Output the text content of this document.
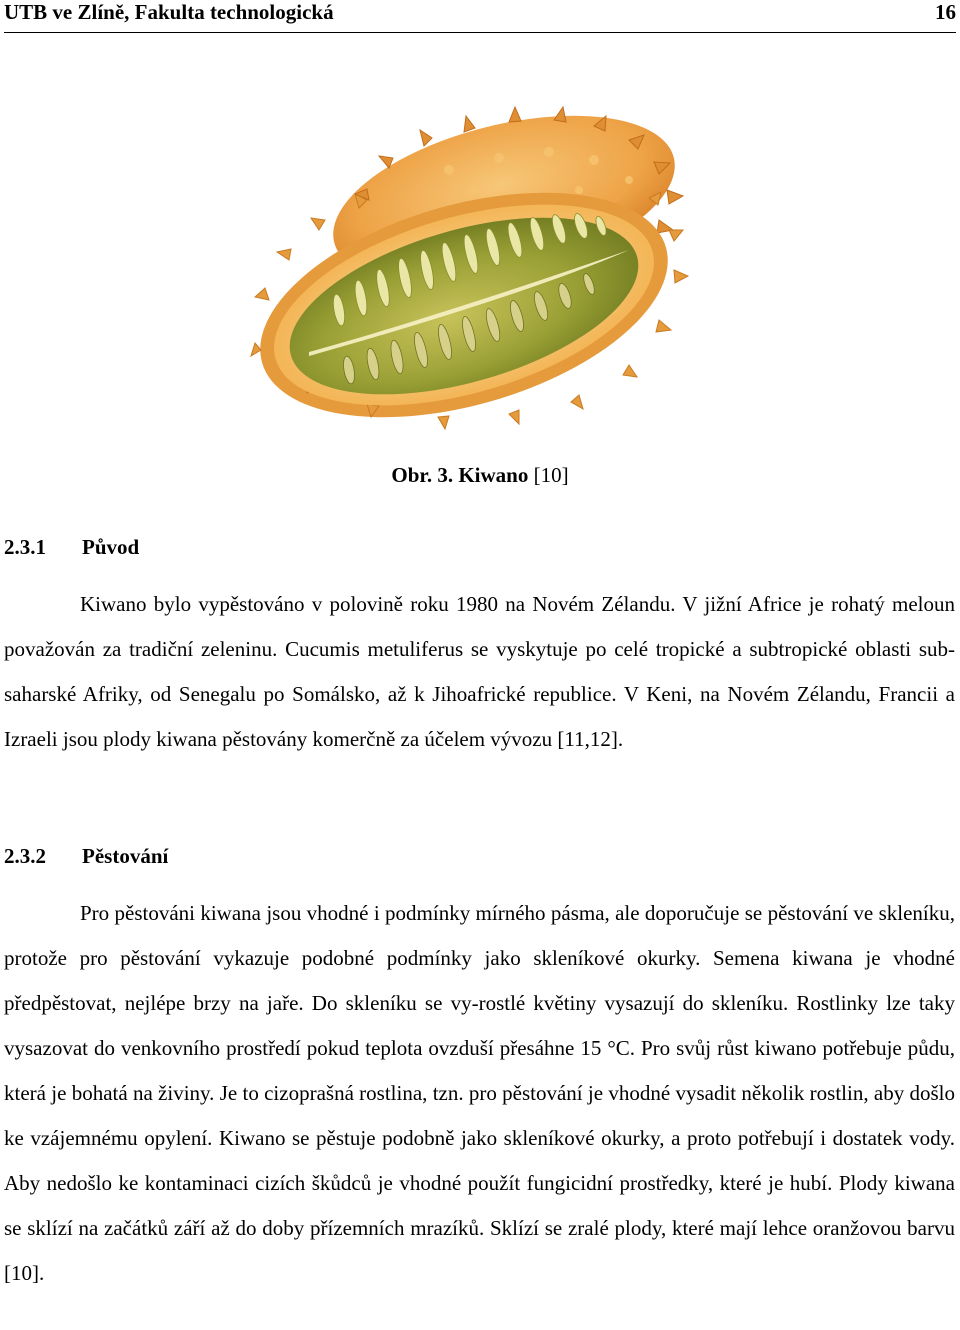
UTB ve Zlíně, Fakulta technologická	16
Obr. 3. Kiwano [10]
2.3.1 Původ
Kiwano bylo vypěstováno v polovině roku 1980 na Novém Zélandu. V jižní Africe je rohatý meloun považován za tradiční zeleninu. Cucumis metuliferus se vyskytuje po celé tropické a subtropické oblasti sub-saharské Afriky, od Senegalu po Somálsko, až k Jihoafrické republice. V Keni, na Novém Zélandu, Francii a Izraeli jsou plody kiwana pěstovány komerčně za účelem vývozu [11,12].
2.3.2 Pěstování
Pro pěstováni kiwana jsou vhodné i podmínky mírného pásma, ale doporučuje se pěstování ve skleníku, protože pro pěstování vykazuje podobné podmínky jako skleníkové okurky. Semena kiwana je vhodné předpěstovat, nejlépe brzy na jaře. Do skleníku se vy-rostlé květiny vysazují do skleníku. Rostlinky lze taky vysazovat do venkovního prostředí pokud teplota ovzduší přesáhne 15 °C. Pro svůj růst kiwano potřebuje půdu, která je bohatá na živiny. Je to cizoprašná rostlina, tzn. pro pěstování je vhodné vysadit několik rostlin, aby došlo ke vzájemnému opylení. Kiwano se pěstuje podobně jako skleníkové okurky, a proto potřebují i dostatek vody. Aby nedošlo ke kontaminaci cizích škůdců je vhodné použít fungicidní prostředky, které je hubí. Plody kiwana se sklízí na začátků září až do doby přízemních mrazíků. Sklízí se zralé plody, které mají lehce oranžovou barvu [10].
